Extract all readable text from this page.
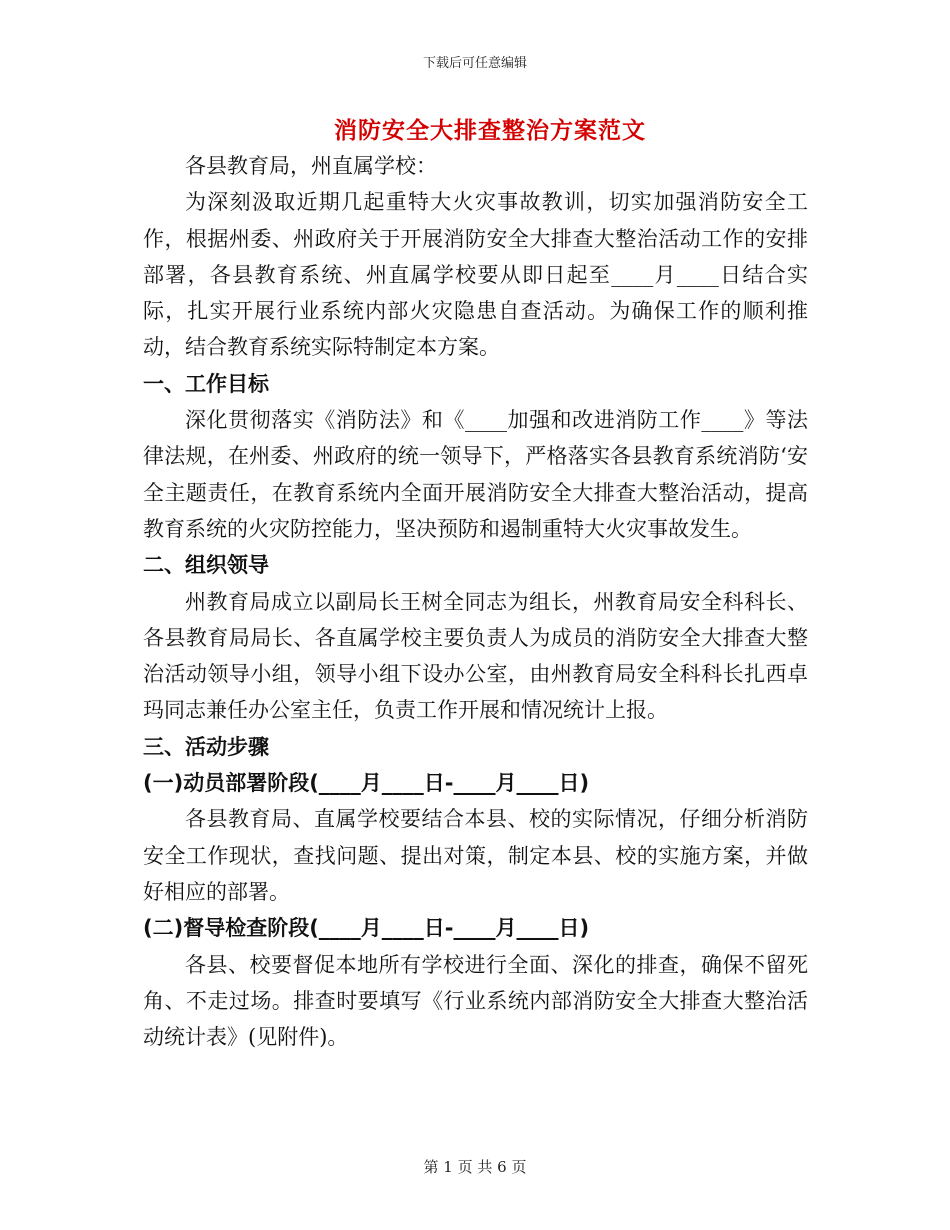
下载后可任意编辑
消防安全大排查整治方案范文

各县教育局，州直属学校：

为深刻汲取近期几起重特大火灾事故教训，切实加强消防安全工作，根据州委、州政府关于开展消防安全大排查大整治活动工作的安排部署，各县教育系统、州直属学校要从即日起至____月____日结合实际，扎实开展行业系统内部火灾隐患自查活动。为确保工作的顺利推动，结合教育系统实际特制定本方案。

一、工作目标

深化贯彻落实《消防法》和《____加强和改进消防工作____》等法律法规，在州委、州政府的统一领导下，严格落实各县教育系统消防‘安全主题责任，在教育系统内全面开展消防安全大排查大整治活动，提高教育系统的火灾防控能力，坚决预防和遏制重特大火灾事故发生。

二、组织领导

州教育局成立以副局长王树全同志为组长，州教育局安全科科长、各县教育局局长、各直属学校主要负责人为成员的消防安全大排查大整治活动领导小组，领导小组下设办公室，由州教育局安全科科长扎西卓玛同志兼任办公室主任，负责工作开展和情况统计上报。

三、活动步骤

(一)动员部署阶段(____月____日-____月____日)

各县教育局、直属学校要结合本县、校的实际情况，仔细分析消防安全工作现状，查找问题、提出对策，制定本县、校的实施方案，并做好相应的部署。

(二)督导检查阶段(____月____日-____月____日)

各县、校要督促本地所有学校进行全面、深化的排查，确保不留死角、不走过场。排查时要填写《行业系统内部消防安全大排查大整治活动统计表》(见附件)。

第 1 页 共 6 页
